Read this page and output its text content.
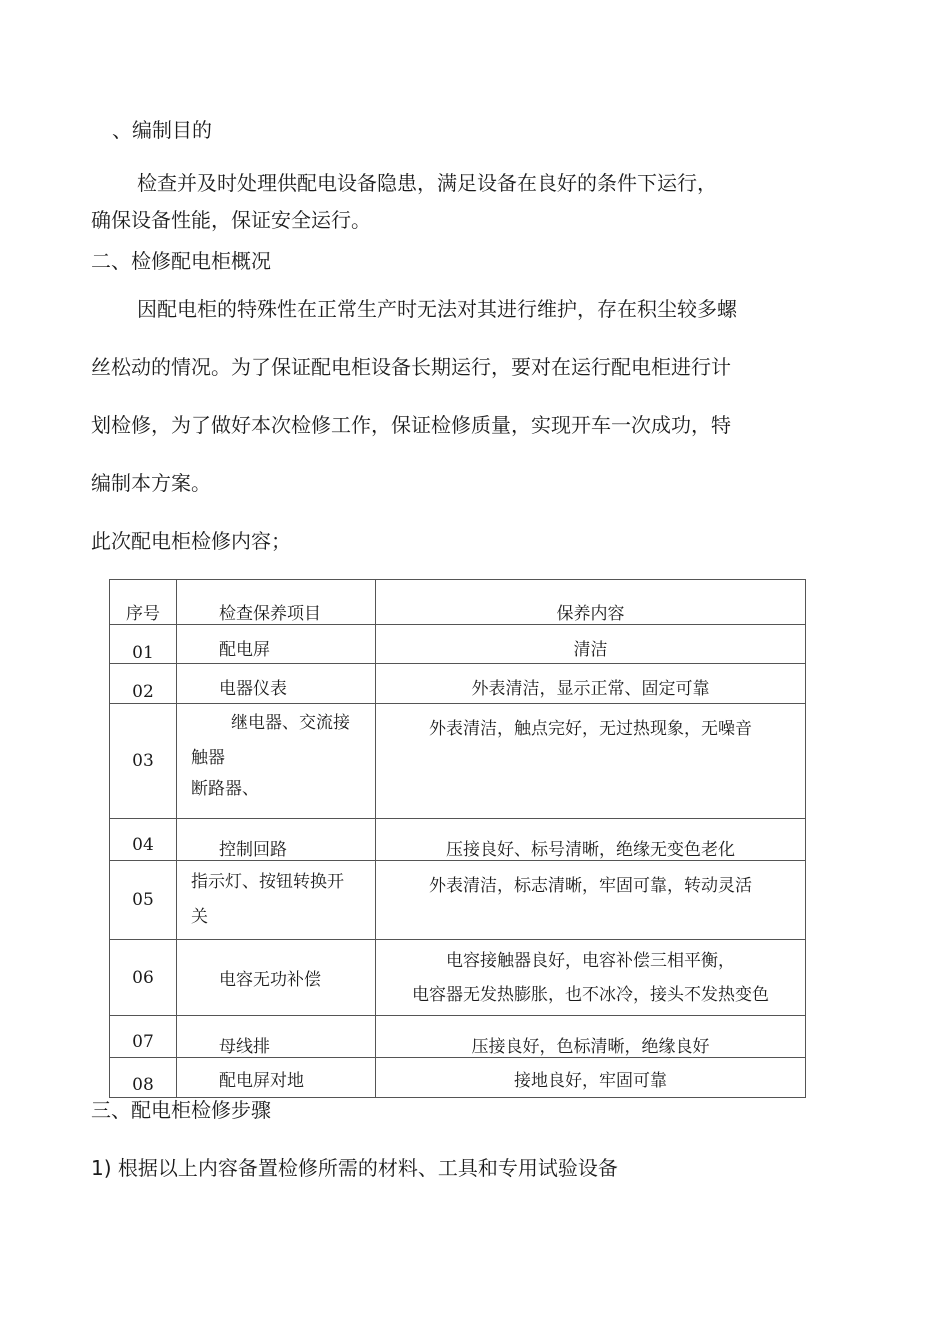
、编制目的
检查并及时处理供配电设备隐患，满足设备在良好的条件下运行，
确保设备性能，保证安全运行。
二、检修配电柜概况
因配电柜的特殊性在正常生产时无法对其进行维护，存在积尘较多螺
丝松动的情况。为了保证配电柜设备长期运行，要对在运行配电柜进行计
划检修，为了做好本次检修工作，保证检修质量，实现开车一次成功，特
编制本方案。
此次配电柜检修内容；
序号	检查保养项目	保养内容
01	配电屏	清洁
02	电器仪表	外表清洁，显示正常、固定可靠
03	继电器、交流接
触器
断路器、	外表清洁，触点完好，无过热现象，无噪音
04	控制回路	压接良好、标号清晰，绝缘无变色老化
05	指示灯、按钮转换开
关	外表清洁，标志清晰，牢固可靠，转动灵活
06	电容无功补偿	电容接触器良好，电容补偿三相平衡，
电容器无发热膨胀，也不冰冷，接头不发热变色

07	母线排	压接良好，色标清晰，绝缘良好
08	配电屏对地	接地良好，牢固可靠
三、配电柜检修步骤
1) 根据以上内容备置检修所需的材料、工具和专用试验设备
